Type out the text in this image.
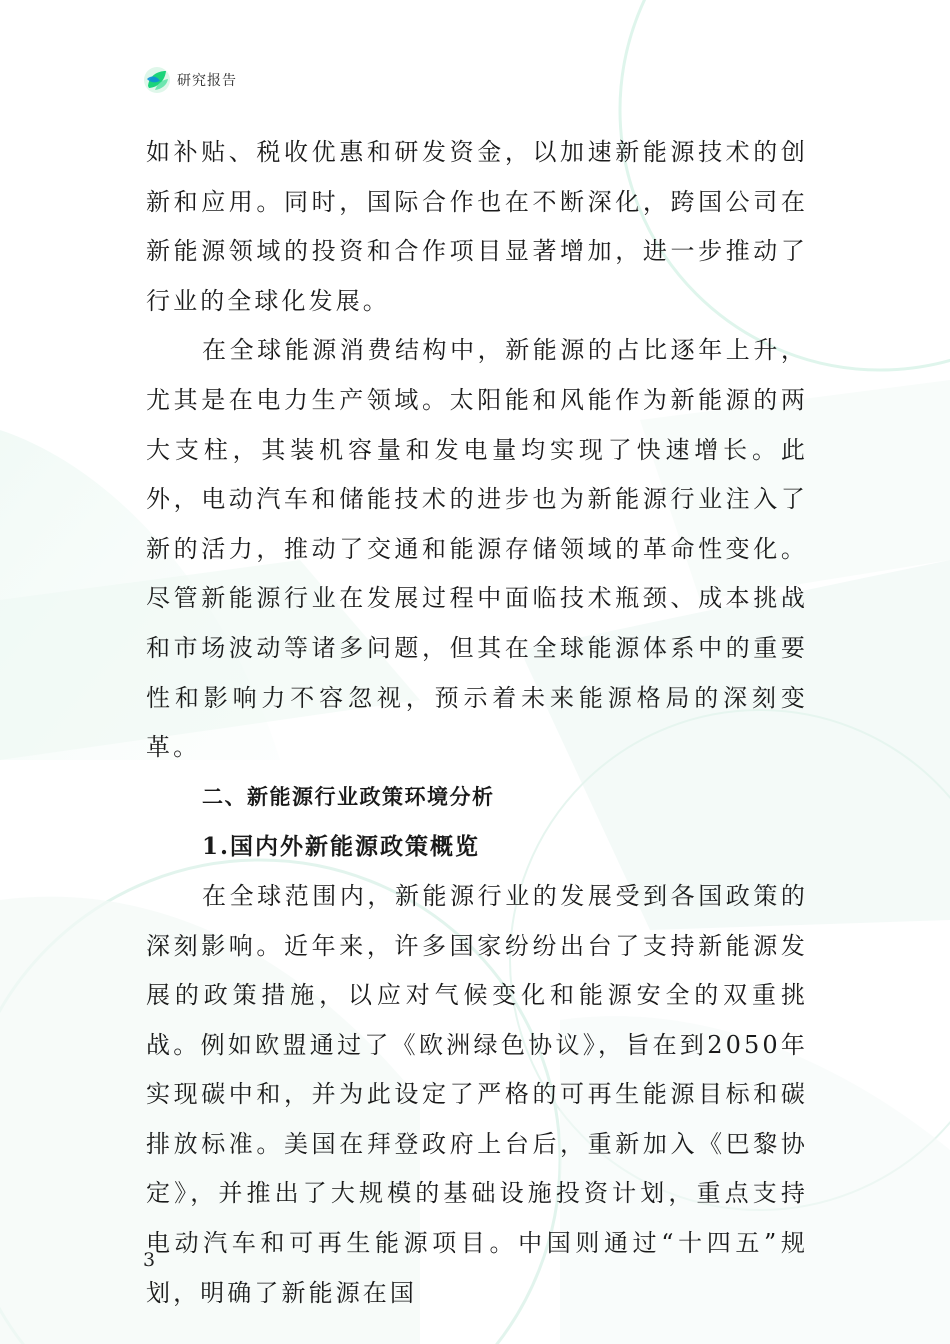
研究报告

如补贴、税收优惠和研发资金，以加速新能源技术的创新和应用。同时，国际合作也在不断深化，跨国公司在新能源领域的投资和合作项目显著增加，进一步推动了行业的全球化发展。

在全球能源消费结构中，新能源的占比逐年上升，尤其是在电力生产领域。太阳能和风能作为新能源的两大支柱，其装机容量和发电量均实现了快速增长。此外，电动汽车和储能技术的进步也为新能源行业注入了新的活力，推动了交通和能源存储领域的革命性变化。尽管新能源行业在发展过程中面临技术瓶颈、成本挑战和市场波动等诸多问题，但其在全球能源体系中的重要性和影响力不容忽视，预示着未来能源格局的深刻变革。

二、新能源行业政策环境分析
1.国内外新能源政策概览

在全球范围内，新能源行业的发展受到各国政策的深刻影响。近年来，许多国家纷纷出台了支持新能源发展的政策措施，以应对气候变化和能源安全的双重挑战。例如欧盟通过了《欧洲绿色协议》，旨在到2050年实现碳中和，并为此设定了严格的可再生能源目标和碳排放标准。美国在拜登政府上台后，重新加入《巴黎协定》，并推出了大规模的基础设施投资计划，重点支持电动汽车和可再生能源项目。中国则通过“十四五”规划，明确了新能源在国

3
